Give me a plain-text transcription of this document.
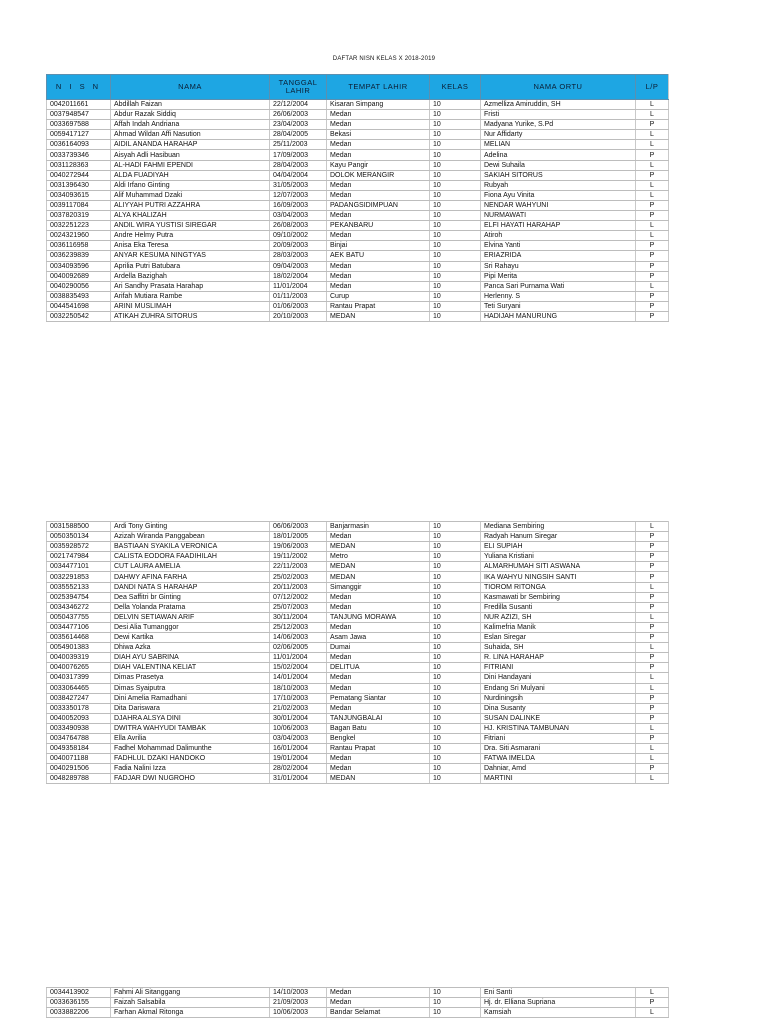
DAFTAR NISN KELAS X 2018-2019
N I S N	NAMA	TANGGAL LAHIR	TEMPAT LAHIR	KELAS	NAMA ORTU	L/P
0042011661	Abdillah Faizan	22/12/2004	Kisaran Simpang	10	Azmelliza Amiruddin, SH	L
0037948547	Abdur Razak Siddiq	26/06/2003	Medan	10	Fristi	L
0033697588	Affah Indah Andriana	23/04/2003	Medan	10	Madyana Yurike, S.Pd	P
0059417127	Ahmad Wildan Affi Nasution	28/04/2005	Bekasi	10	Nur Affidarty	L
0036164093	AIDIL ANANDA HARAHAP	25/11/2003	Medan	10	MELIAN	L
0033739346	Aisyah Adli Hasibuan	17/09/2003	Medan	10	Adelina	P
0031128363	AL-HADI FAHMI EPENDI	28/04/2003	Kayu Pangir	10	Dewi Suhaila	L
0040272944	ALDA FUADIYAH	04/04/2004	DOLOK MERANGIR	10	SAKIAH SITORUS	P
0031396430	Aldi Irfano Ginting	31/05/2003	Medan	10	Rubyah	L
0034093615	Alif Muhammad Dzaki	12/07/2003	Medan	10	Fiona Ayu Vinita	L
0039117084	ALIYYAH PUTRI AZZAHRA	16/09/2003	PADANGSIDIMPUAN	10	NENDAR WAHYUNI	P
0037820319	ALYA KHALIZAH	03/04/2003	Medan	10	NURMAWATI	P
0032251223	ANDIL WIRA YUSTISI SIREGAR	26/08/2003	PEKANBARU	10	ELFI HAYATI HARAHAP	L
0024321960	Andre Helmy Putra	09/10/2002	Medan	10	Atiroh	L
0036116958	Anisa Eka Teresa	20/09/2003	Binjai	10	Elvina Yanti	P
0036239839	ANYAR KESUMA NINGTYAS	28/03/2003	AEK BATU	10	ERIAZRIDA	P
0034093596	Aprilia Putri Batubara	09/04/2003	Medan	10	Sri Rahayu	P
0040092689	Ardella Bazighah	18/02/2004	Medan	10	Pipi Merita	P
0040290056	Ari Sandhy Prasata Harahap	11/01/2004	Medan	10	Panca Sari Purnama Wati	L
0038835493	Arifah Mutiara Rambe	01/11/2003	Curup	10	Herlenny. S	P
0044541698	ARINI MUSLIMAH	01/06/2003	Rantau Prapat	10	Teti Suryani	P
0032250542	ATIKAH ZUHRA SITORUS	20/10/2003	MEDAN	10	HADIJAH MANURUNG	P
0031588500	Ardi Tony Ginting	06/06/2003	Banjarmasin	10	Mediana Sembiring	L
0050350134	Azizah Wiranda Panggabean	18/01/2005	Medan	10	Radyah Hanum Siregar	P
0035928572	BASTIAAN SYAKILA VERONICA	19/06/2003	MEDAN	10	ELI SUPIAH	P
0021747984	CALISTA EODORA FAADIHILAH	19/11/2002	Metro	10	Yuliana Kristiani	P
0034477101	CUT LAURA AMELIA	22/11/2003	MEDAN	10	ALMARHUMAH SITI ASWANA	P
0032291853	DAHWY AFINA FARHA	25/02/2003	MEDAN	10	IKA WAHYU NINGSIH SANTI	P
0035552133	DANDI NATA S HARAHAP	20/11/2003	Simanggir	10	TIOROM RITONGA	L
0025394754	Dea Saffitri br Ginting	07/12/2002	Medan	10	Kasmawati br Sembiring	P
0034346272	Della Yolanda Pratama	25/07/2003	Medan	10	Fredilla Susanti	P
0050437755	DELVIN SETIAWAN ARIF	30/11/2004	TANJUNG MORAWA	10	NUR AZIZI, SH	L
0034477106	Desi Alia Tumanggor	25/12/2003	Medan	10	Kalimefria Manik	P
0035614468	Dewi Kartika	14/06/2003	Asam Jawa	10	Eslan Siregar	P
0054901383	Dhiwa Azka	02/06/2005	Dumai	10	Suhaida, SH	L
0040039319	DIAH AYU SABRINA	11/01/2004	Medan	10	R. LINA HARAHAP	P
0040076265	DIAH VALENTINA KELIAT	15/02/2004	DELITUA	10	FITRIANI	P
0040317399	Dimas Prasetya	14/01/2004	Medan	10	Dini Handayani	L
0033064465	Dimas Syaiputra	18/10/2003	Medan	10	Endang Sri Mulyani	L
0038427247	Dini Amelia Ramadhani	17/10/2003	Pematang Siantar	10	Nurdiningsih	P
0033350178	Dita Dariswara	21/02/2003	Medan	10	Dina Susanty	P
0040052093	DJAHRA ALSYA DINI	30/01/2004	TANJUNGBALAI	10	SUSAN DALINKE	P
0033490938	DWITRA WAHYUDI TAMBAK	10/06/2003	Bagan Batu	10	HJ. KRISTINA TAMBUNAN	L
0034764788	Ella Avrilia	03/04/2003	Bengkel	10	Fitriani	P
0049358184	Fadhel Mohammad Dalimunthe	16/01/2004	Rantau Prapat	10	Dra. Siti Asmarani	L
0040071188	FADHLUL DZAKI HANDOKO	19/01/2004	Medan	10	FATWA IMELDA	L
0040291506	Fadia Nalini Izza	28/02/2004	Medan	10	Dahniar, Amd	P
0048289788	FADJAR DWI NUGROHO	31/01/2004	MEDAN	10	MARTINI	L
0034413902	Fahmi Ali Sitanggang	14/10/2003	Medan	10	Eni Santi	L
0033636155	Faizah Salsabila	21/09/2003	Medan	10	Hj. dr. Elliana Supriana	P
0033882206	Farhan Akmal Ritonga	10/06/2003	Bandar Selamat	10	Kamsiah	L
